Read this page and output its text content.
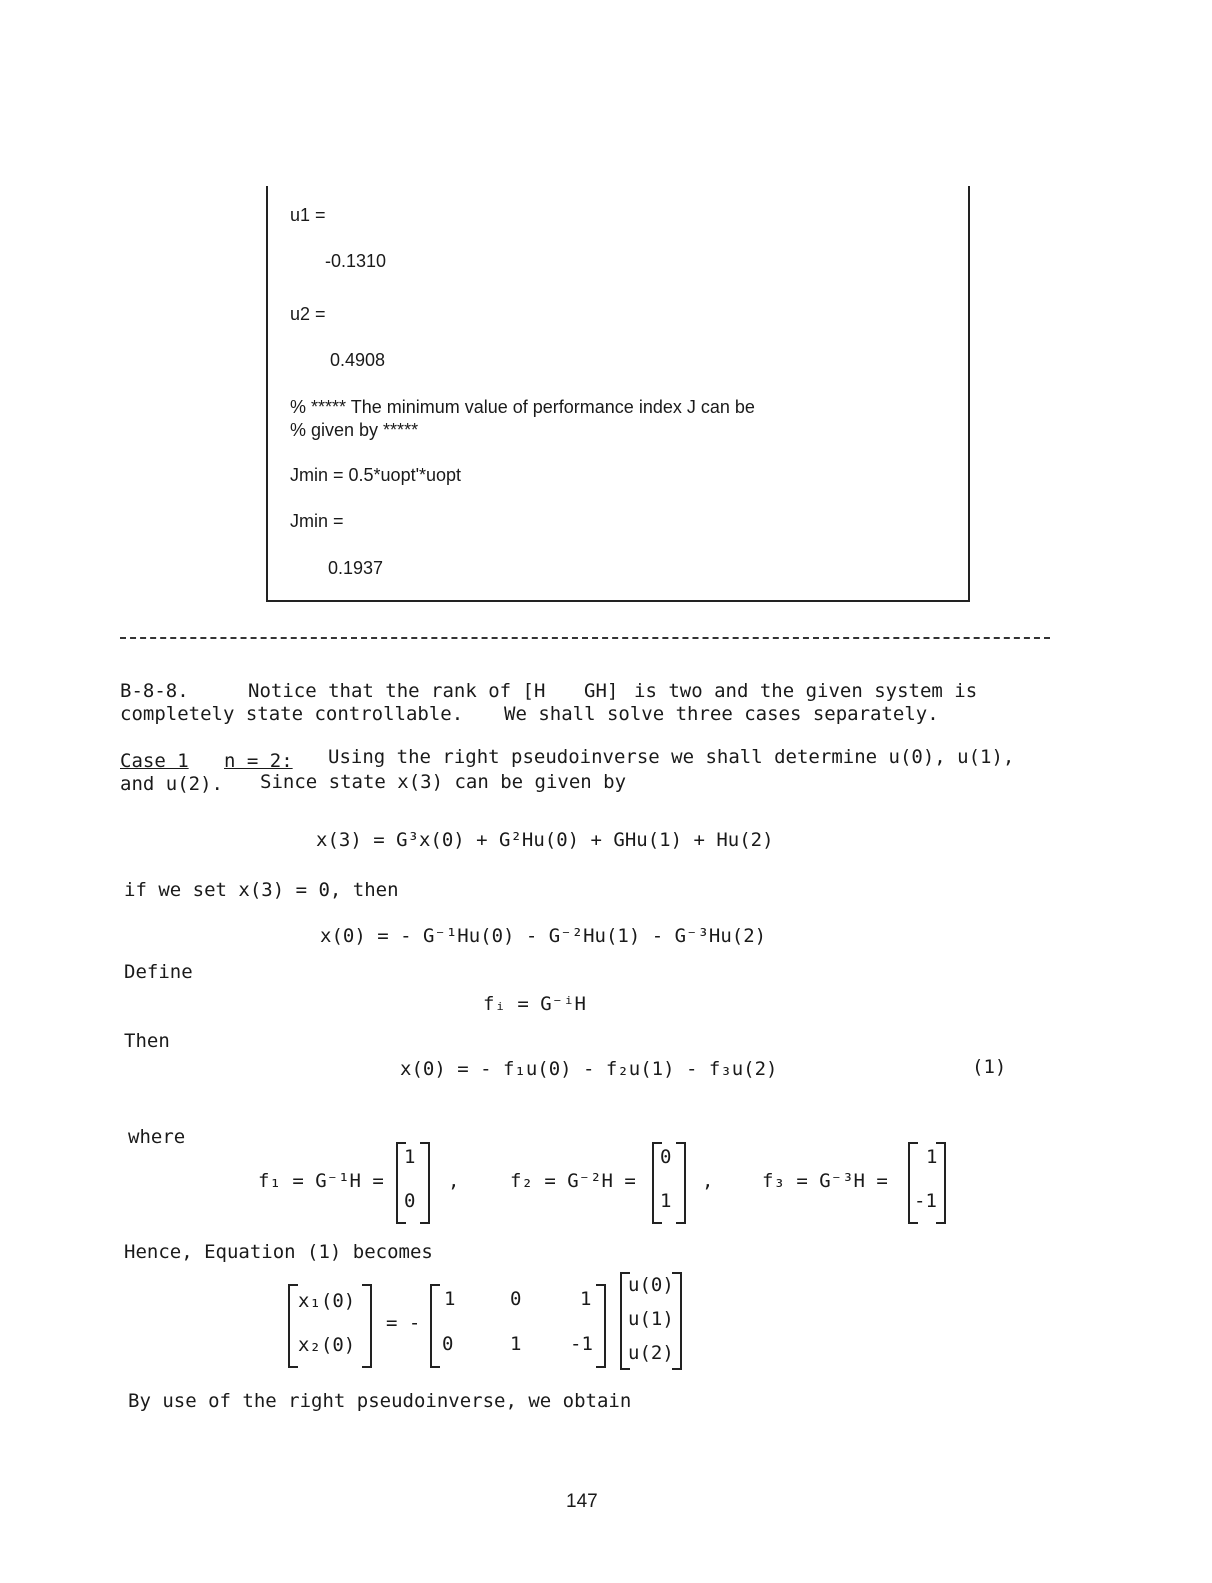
u1 =
-0.1310
u2 =
0.4908
% ***** The minimum value of performance index J can be
% given by *****
Jmin = 0.5*uopt'*uopt
Jmin =
0.1937
B-8-8.	Notice that the rank of [H GH] is two and the given system is
completely state controllable. We shall solve three cases separately.
Case 1 n = 2: Using the right pseudoinverse we shall determine u(0), u(1),
and u(2). Since state x(3) can be given by
x(3) = G³x(0) + G²Hu(0) + GHu(1) + Hu(2)
if we set x(3) = 0, then
x(0) = - G⁻¹Hu(0) - G⁻²Hu(1) - G⁻³Hu(2)
Define
fᵢ = G⁻ⁱH
Then
x(0) = - f₁u(0) - f₂u(1) - f₃u(2)	(1)
where
f₁ = G⁻¹H =
1
0
,	f₂ = G⁻²H =
0
1
,	f₃ = G⁻³H =
1
-1
Hence, Equation (1) becomes
x₁(0)
x₂(0)
= -
1	0	1
0	1	-1
u(0)
u(1)
u(2)
By use of the right pseudoinverse, we obtain
147
